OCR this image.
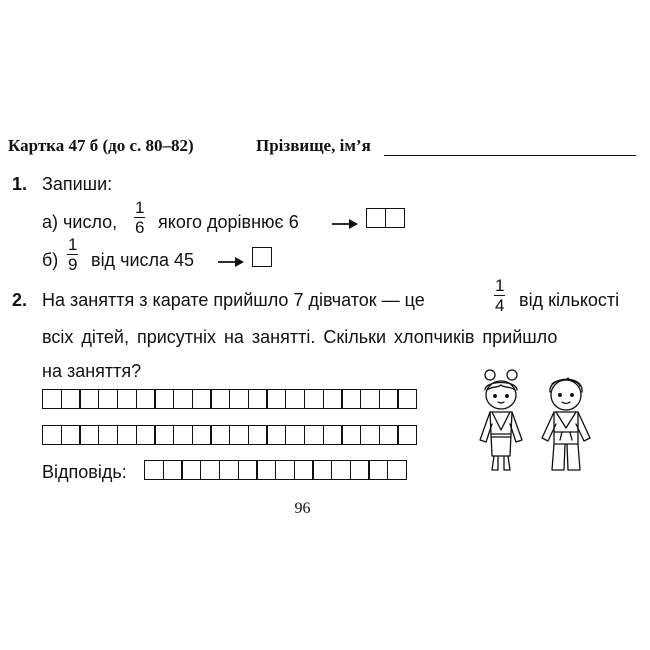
Картка 47 б (до с. 80–82)	Прізвище, ім’я
1. Запиши:
а) число, $\frac{1}{6}$ якого дорівнює 6
$б) \frac{1}{9}$ від числа 45
2. На заняття з карате прийшло 7 дівчаток — це	$\frac{1}{4}$ від кількості
всіх дітей, присутніх на занятті. Скільки хлопчиків прийшло
на заняття?
Відповідь:
96
